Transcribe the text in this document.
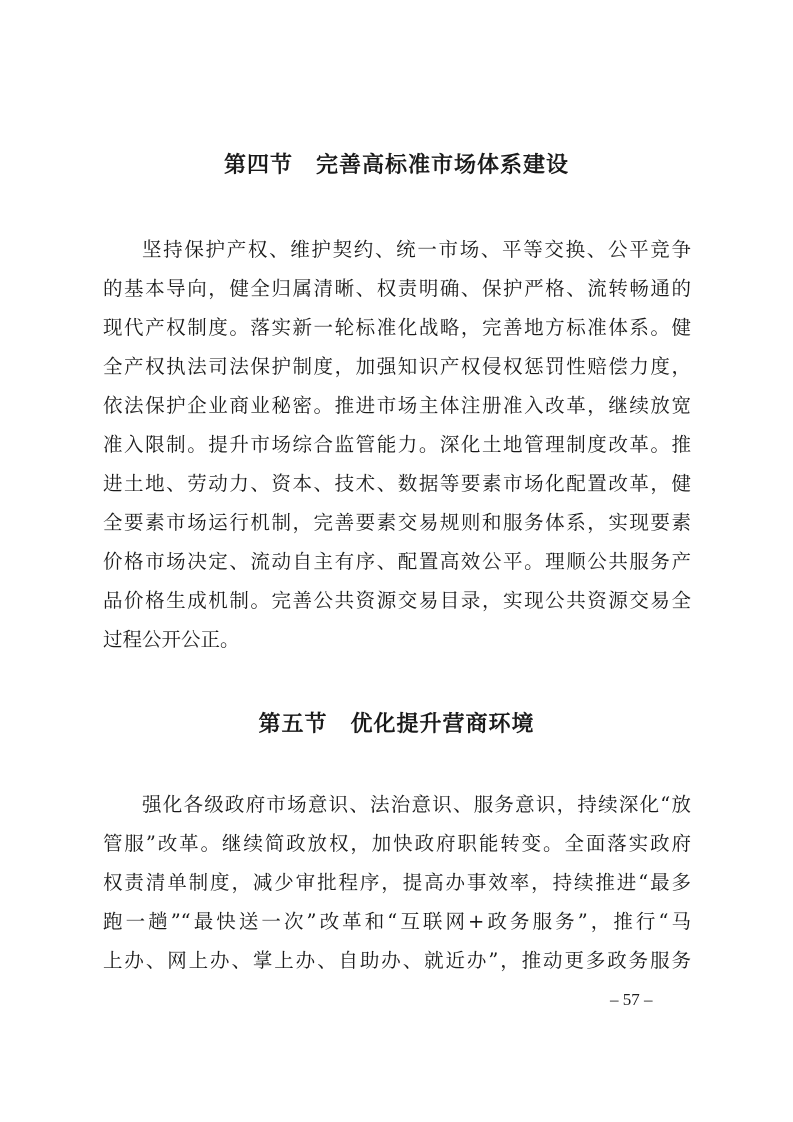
第四节　完善高标准市场体系建设
坚持保护产权、维护契约、统一市场、平等交换、公平竞争
的基本导向，健全归属清晰、权责明确、保护严格、流转畅通的
现代产权制度。落实新一轮标准化战略，完善地方标准体系。健
全产权执法司法保护制度，加强知识产权侵权惩罚性赔偿力度，
依法保护企业商业秘密。推进市场主体注册准入改革，继续放宽
准入限制。提升市场综合监管能力。深化土地管理制度改革。推
进土地、劳动力、资本、技术、数据等要素市场化配置改革，健
全要素市场运行机制，完善要素交易规则和服务体系，实现要素
价格市场决定、流动自主有序、配置高效公平。理顺公共服务产
品价格生成机制。完善公共资源交易目录，实现公共资源交易全
过程公开公正。
第五节　优化提升营商环境
强化各级政府市场意识、法治意识、服务意识，持续深化“放
管服”改革。继续简政放权，加快政府职能转变。全面落实政府
权责清单制度，减少审批程序，提高办事效率，持续推进“最多
跑一趟”“最快送一次”改革和“互联网+政务服务”，推行“马
上办、网上办、掌上办、自助办、就近办”，推动更多政务服务
– 57 –
